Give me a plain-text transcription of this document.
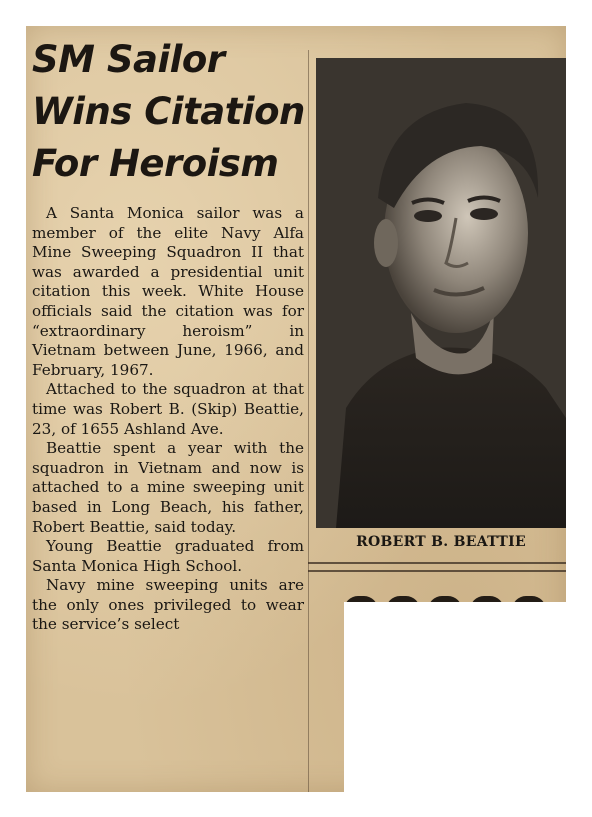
SM Sailor
Wins Citation
For Heroism

A Santa Monica sailor was a member of the elite Navy Alfa Mine Sweeping Squadron II that was awarded a presidential unit citation this week. White House officials said the citation was for “extraordinary heroism” in Vietnam between June, 1966, and February, 1967.

Attached to the squadron at that time was Robert B. (Skip) Beattie, 23, of 1655 Ashland Ave.

Beattie spent a year with the squadron in Vietnam and now is attached to a mine sweeping unit based in Long Beach, his father, Robert Beattie, said today.

Young Beattie graduated from Santa Monica High School.

Navy mine sweeping units are the only ones privileged to wear the service’s select

ROBERT B. BEATTIE
